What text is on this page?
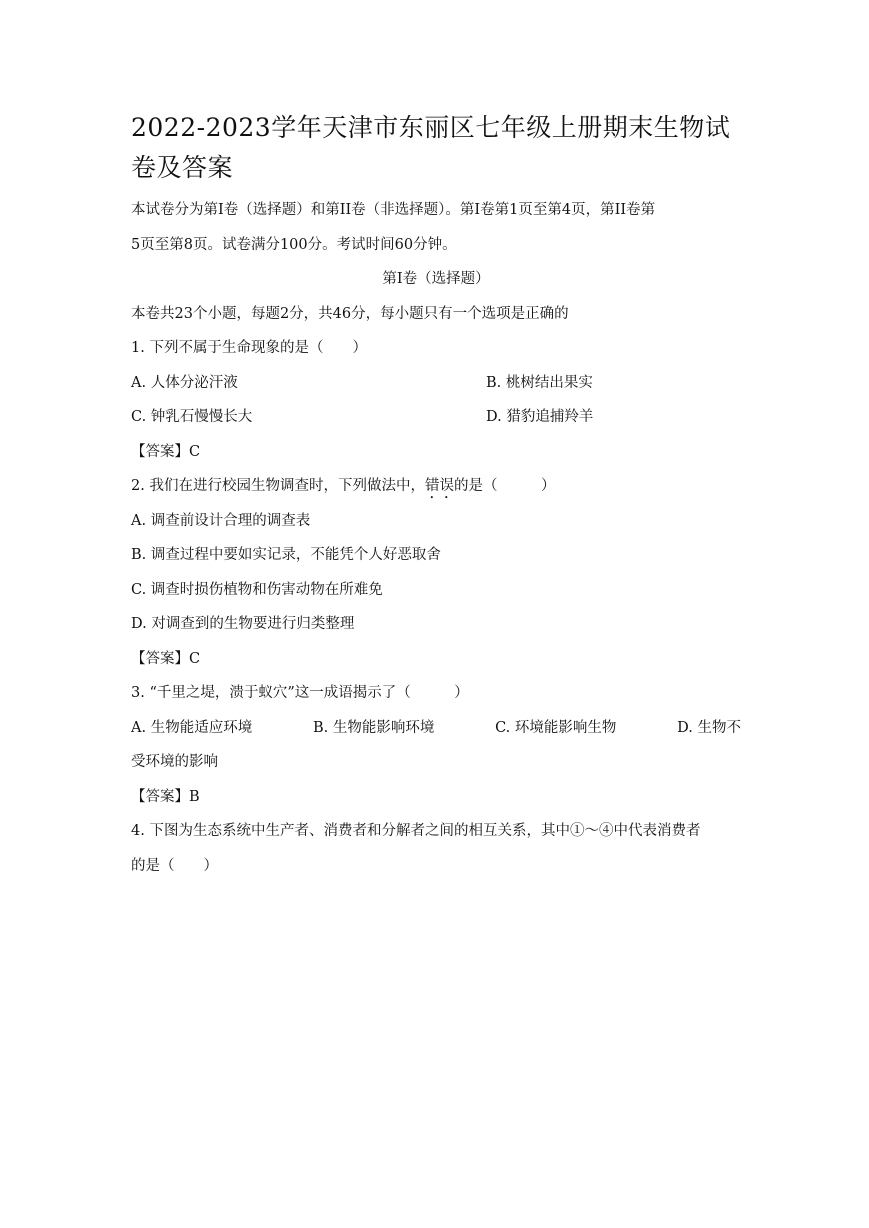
2022-2023学年天津市东丽区七年级上册期末生物试卷及答案

本试卷分为第Ⅰ卷（选择题）和第II卷（非选择题）。第Ⅰ卷第1页至第4页，第II卷第

5页至第8页。试卷满分100分。考试时间60分钟。

第Ⅰ卷（选择题）

本卷共23个小题，每题2分，共46分，每小题只有一个选项是正确的

1. 下列不属于生命现象的是（　　）

A. 人体分泌汗液	B. 桃树结出果实
C. 钟乳石慢慢长大	D. 猎豹追捕羚羊

【答案】C

2. 我们在进行校园生物调查时，下列做法中，错误的是（　　　）

A. 调查前设计合理的调查表

B. 调查过程中要如实记录，不能凭个人好恶取舍

C. 调查时损伤植物和伤害动物在所难免

D. 对调查到的生物要进行归类整理

【答案】C

3. “千里之堤，溃于蚁穴”这一成语揭示了（　　　）

A. 生物能适应环境	B. 生物能影响环境	C. 环境能影响生物	D. 生物不

受环境的影响

【答案】B

4. 下图为生态系统中生产者、消费者和分解者之间的相互关系，其中①～④中代表消费者

的是（　　）
